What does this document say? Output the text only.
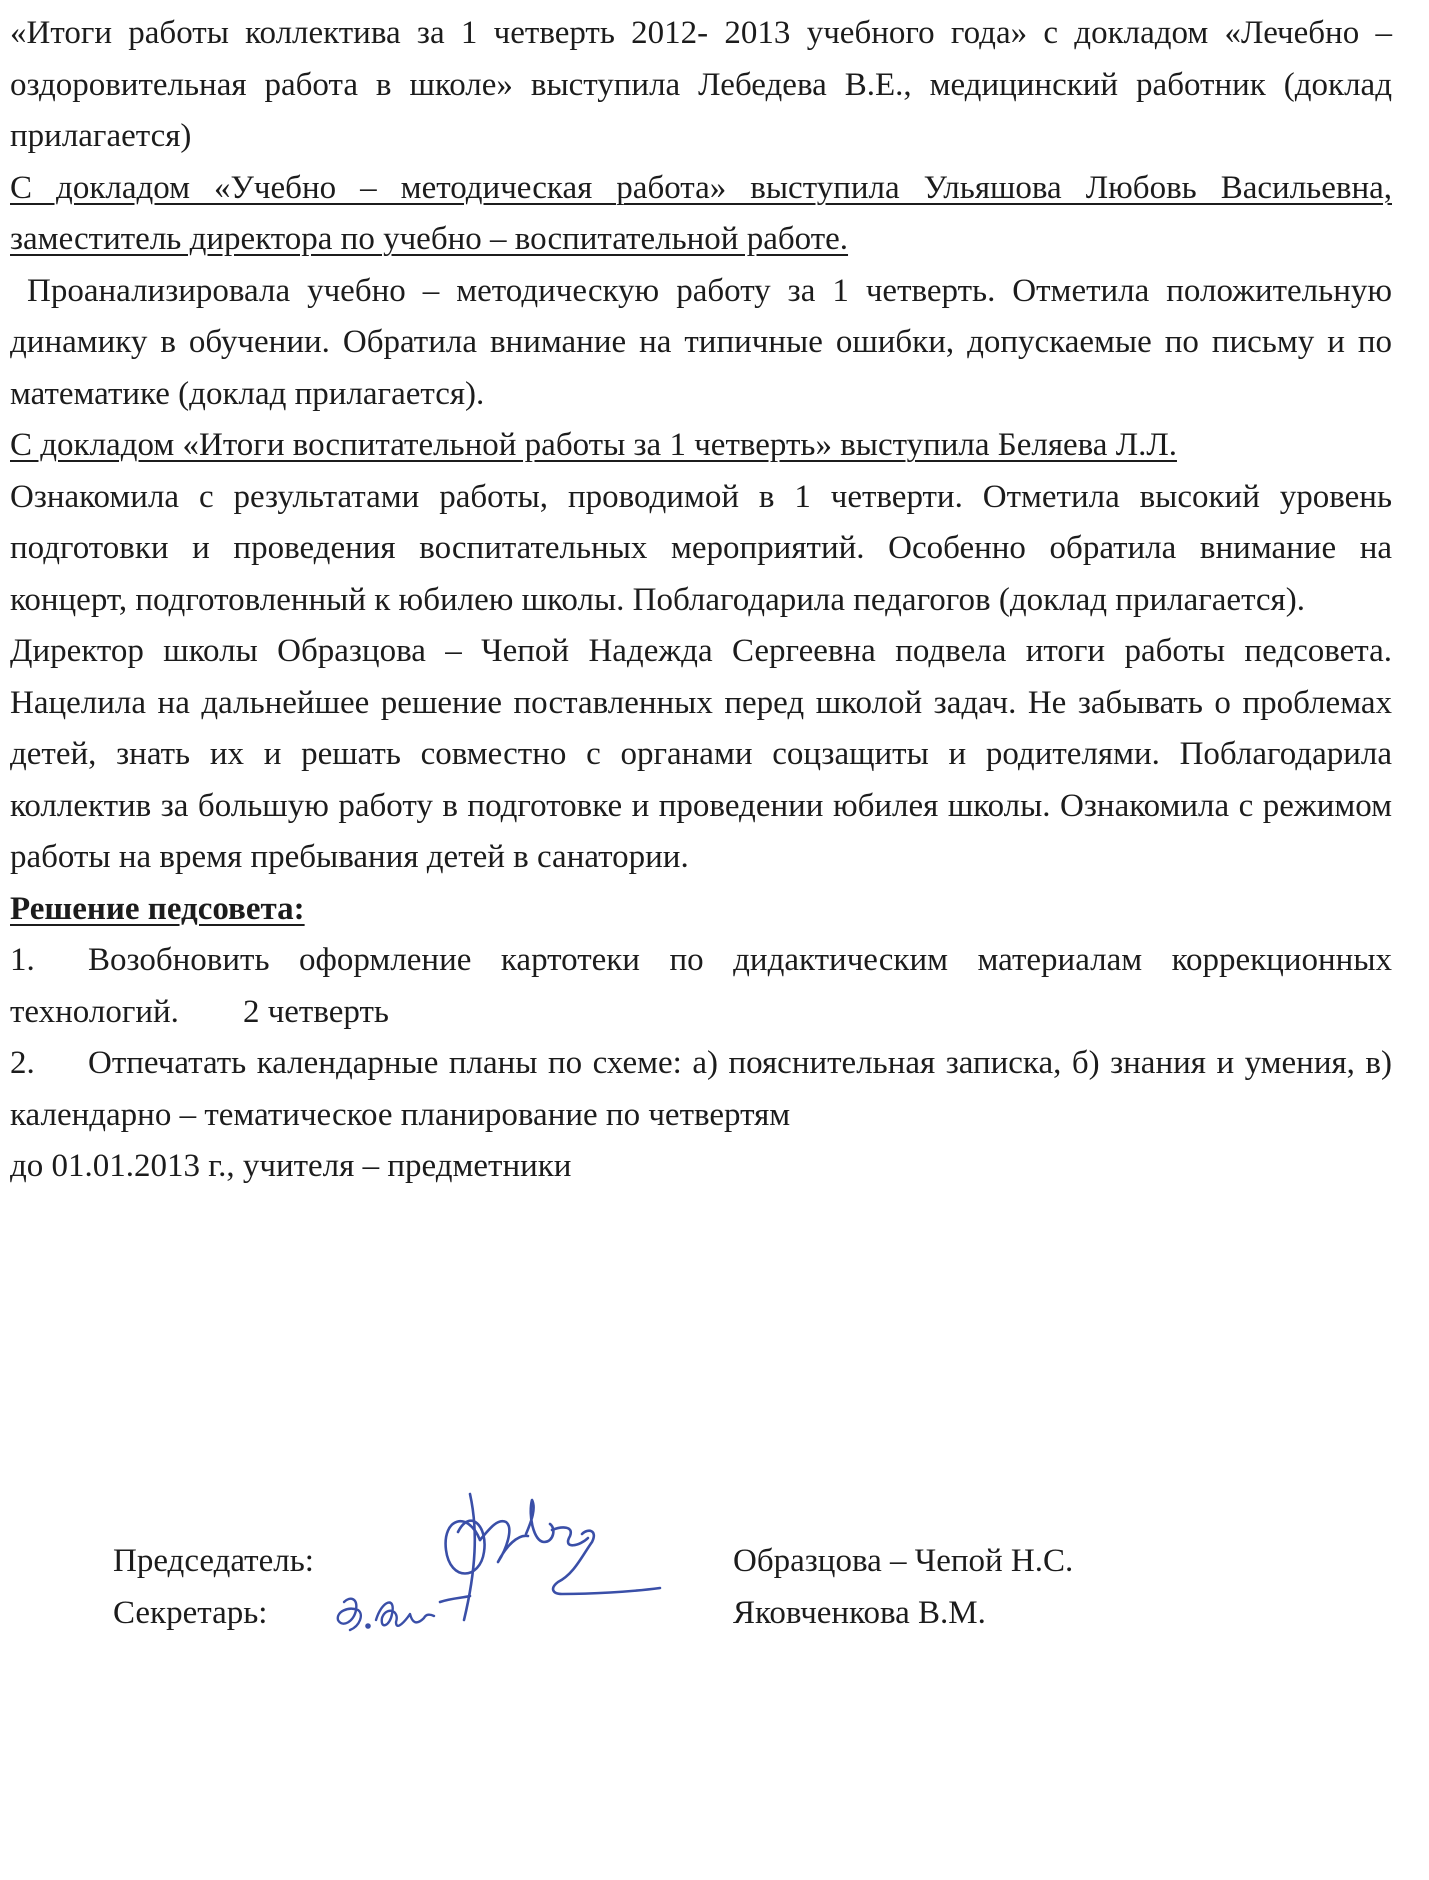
«Итоги работы коллектива за 1 четверть 2012- 2013 учебного года» с докладом «Лечебно – оздоровительная работа в школе» выступила Лебедева В.Е., медицинский работник (доклад прилагается)

С докладом «Учебно – методическая работа» выступила Ульяшова Любовь Васильевна, заместитель директора по учебно – воспитательной работе.

Проанализировала учебно – методическую работу за 1 четверть. Отметила положительную динамику в обучении. Обратила внимание на типичные ошибки, допускаемые по письму и по математике (доклад прилагается).

С докладом «Итоги воспитательной работы за 1 четверть» выступила Беляева Л.Л.

Ознакомила с результатами работы, проводимой в 1 четверти. Отметила высокий уровень подготовки и проведения воспитательных мероприятий. Особенно обратила внимание на концерт, подготовленный к юбилею школы. Поблагодарила педагогов (доклад прилагается).

Директор школы Образцова – Чепой Надежда Сергеевна подвела итоги работы педсовета. Нацелила на дальнейшее решение поставленных перед школой задач. Не забывать о проблемах детей, знать их и решать совместно с органами соцзащиты и родителями. Поблагодарила коллектив за большую работу в подготовке и проведении юбилея школы. Ознакомила с режимом работы на время пребывания детей в санатории.

Решение педсовета:

1. Возобновить оформление картотеки по дидактическим материалам коррекционных технологий. 2 четверть

2. Отпечатать календарные планы по схеме: а) пояснительная записка, б) знания и умения, в) календарно – тематическое планирование по четвертям
до 01.01.2013 г., учителя – предметники

Председатель:
Секретарь:
Образцова – Чепой Н.С.
Яковченкова В.М.
